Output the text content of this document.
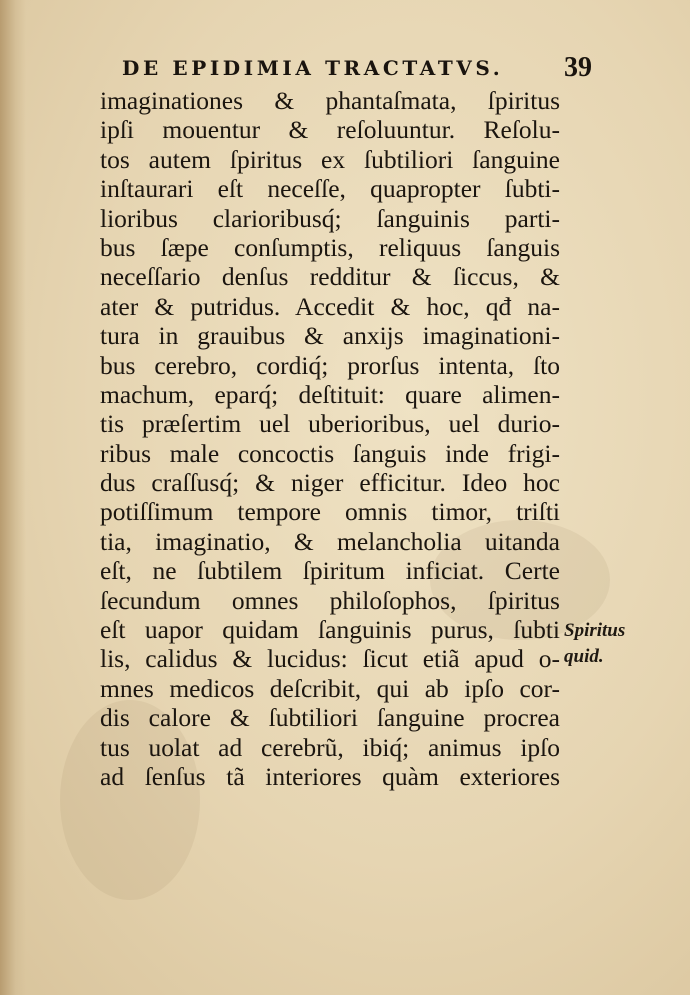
DE EPIDIMIA TRACTATVS. 39
imaginationes & phantaſmata, ſpiritus
ipſi mouentur & reſoluuntur. Reſolu-
tos autem ſpiritus ex ſubtiliori ſanguine
inſtaurari eſt neceſſe, quapropter ſubti-
lioribus clarioribusq́; ſanguinis parti-
bus ſæpe conſumptis, reliquus ſanguis
neceſſario denſus redditur & ſiccus, &
ater & putridus. Accedit & hoc, qđ na-
tura in grauibus & anxijs imaginationi-
bus cerebro, cordiq́; prorſus intenta, ſto
machum, eparq́; deſtituit: quare alimen-
tis præſertim uel uberioribus, uel durio-
ribus male concoctis ſanguis inde frigi-
dus craſſusq́; & niger efficitur. Ideo hoc
potiſſimum tempore omnis timor, triſti
tia, imaginatio, & melancholia uitanda
eſt, ne ſubtilem ſpiritum inficiat. Certe
ſecundum omnes philoſophos, ſpiritus
eſt uapor quidam ſanguinis purus, ſubti
lis, calidus & lucidus: ſicut etiã apud o-
mnes medicos deſcribit, qui ab ipſo cor-
dis calore & ſubtiliori ſanguine procrea
tus uolat ad cerebrũ, ibiq́; animus ipſo
ad ſenſus tã interiores quàm exteriores
Spiritus
quid.
